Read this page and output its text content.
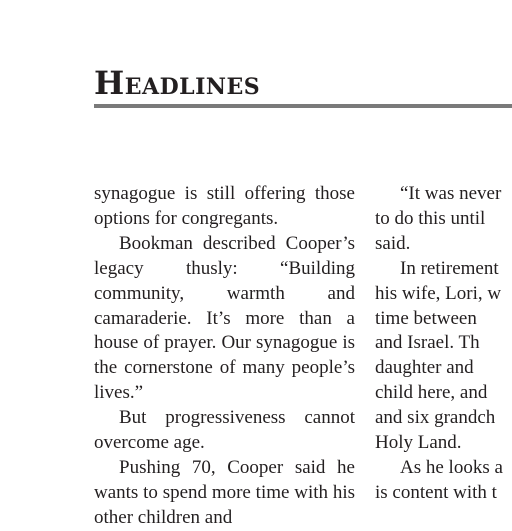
Headlines

synagogue is still offering those options for congregants.

Bookman described Cooper’s legacy thusly: “Building community, warmth and camaraderie. It’s more than a house of prayer. Our synagogue is the cornerstone of many people’s lives.”

But progressiveness cannot overcome age.

Pushing 70, Cooper said he wants to spend more time with his other children and

“It was never

to do this until

said.

In retirement

his wife, Lori, w

time between

and Israel. Th

daughter and

child here, and

and six grandch

Holy Land.

As he looks a

is content with t
